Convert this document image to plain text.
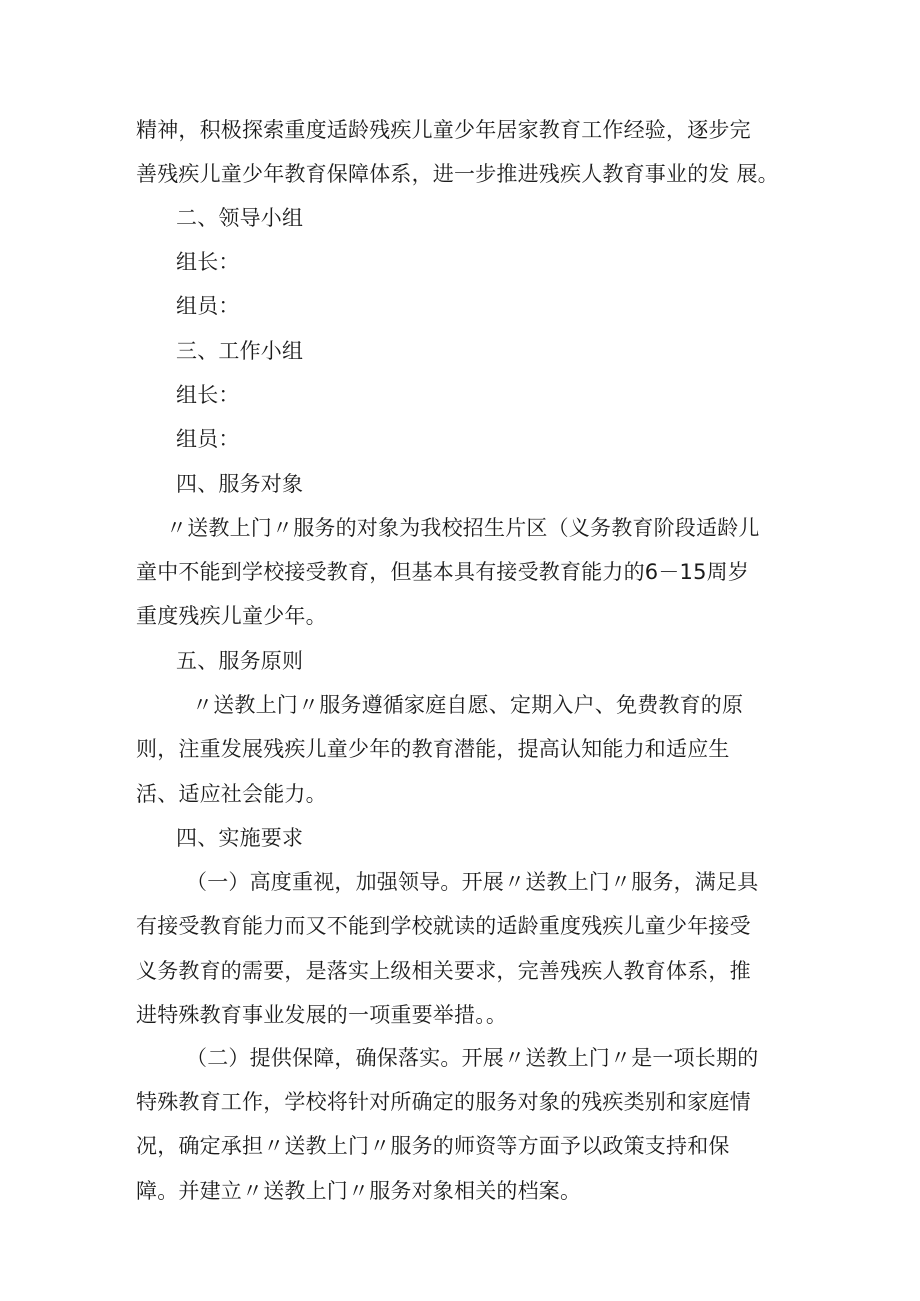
精神，积极探索重度适龄残疾儿童少年居家教育工作经验，逐步完
善残疾儿童少年教育保障体系，进一步推进残疾人教育事业的发 展。
二、领导小组
组长：
组员：
三、工作小组
组长：
组员：
四、服务对象
〃送教上门〃服务的对象为我校招生片区（义务教育阶段适龄儿
童中不能到学校接受教育，但基本具有接受教育能力的6－15周岁
重度残疾儿童少年。
五、服务原则
〃送教上门〃服务遵循家庭自愿、定期入户、免费教育的原
则，注重发展残疾儿童少年的教育潜能，提高认知能力和适应生
活、适应社会能力。
四、实施要求
（一）高度重视，加强领导。开展〃送教上门〃服务，满足具
有接受教育能力而又不能到学校就读的适龄重度残疾儿童少年接受
义务教育的需要，是落实上级相关要求，完善残疾人教育体系，推
进特殊教育事业发展的一项重要举措。。
（二）提供保障，确保落实。开展〃送教上门〃是一项长期的
特殊教育工作，学校将针对所确定的服务对象的残疾类别和家庭情
况，确定承担〃送教上门〃服务的师资等方面予以政策支持和保
障。并建立〃送教上门〃服务对象相关的档案。
